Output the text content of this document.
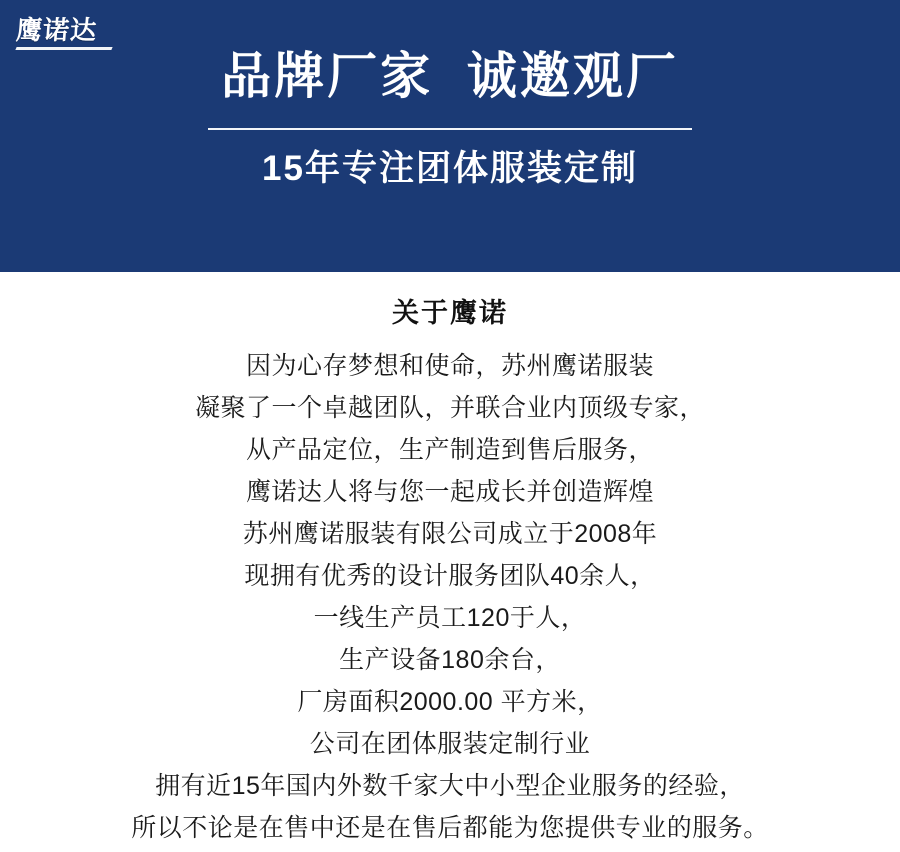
鹰诺达
品牌厂家  诚邀观厂
15年专注团体服装定制
关于鹰诺
因为心存梦想和使命，苏州鹰诺服装
凝聚了一个卓越团队，并联合业内顶级专家，
从产品定位，生产制造到售后服务，
鹰诺达人将与您一起成长并创造辉煌
苏州鹰诺服装有限公司成立于2008年
现拥有优秀的设计服务团队40余人，
一线生产员工120于人，
生产设备180余台，
厂房面积2000.00 平方米，
公司在团体服装定制行业
拥有近15年国内外数千家大中小型企业服务的经验，
所以不论是在售中还是在售后都能为您提供专业的服务。
